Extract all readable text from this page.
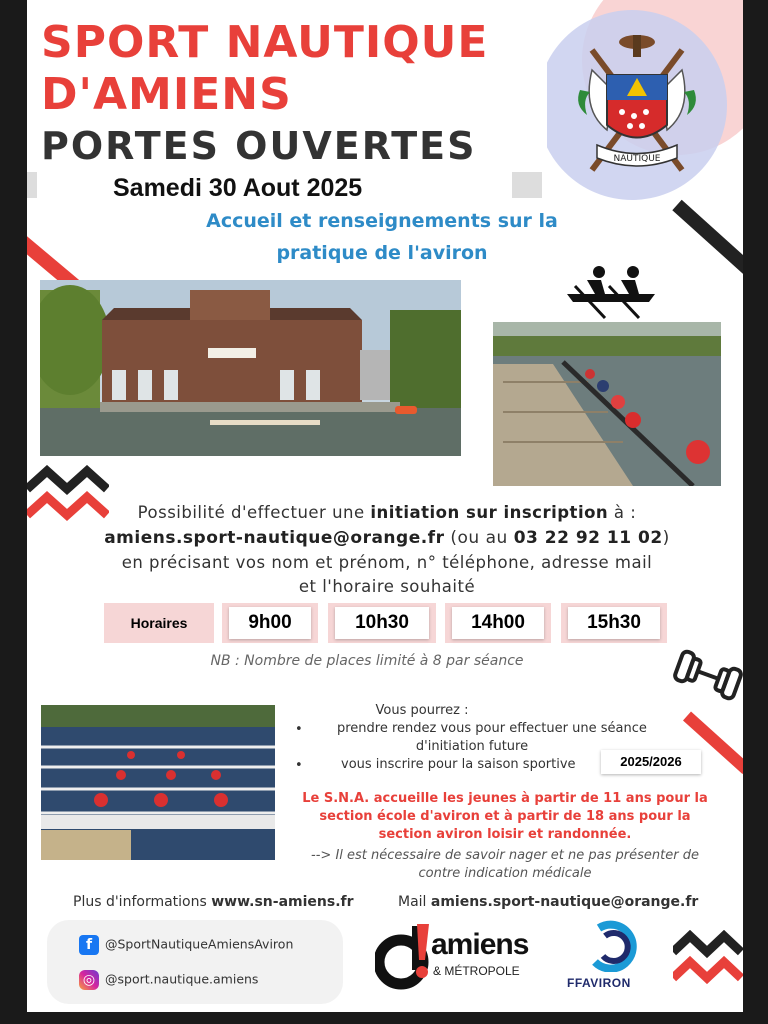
NAUTIQUE
SPORT NAUTIQUE
D'AMIENS
PORTES OUVERTES
Samedi 30 Aout 2025
Accueil et renseignements sur la
pratique de l'aviron
Possibilité d'effectuer une initiation sur inscription à :
amiens.sport-nautique@orange.fr (ou au 03 22 92 11 02)
en précisant vos nom et prénom, n° téléphone, adresse mail
et l'horaire souhaité
Horaires	9h00	10h30	14h00	15h30
NB : Nombre de places limité à 8 par séance
Vous pourrez :
•	prendre rendez vous pour effectuer une séance
d'initiation future
•	vous inscrire pour la saison sportive	2025/2026
Le S.N.A. accueille les jeunes à partir de 11 ans pour la
section école d'aviron et à partir de 18 ans pour la
section aviron loisir et randonnée.
--> Il est nécessaire de savoir nager et ne pas présenter de
contre indication médicale
Plus d'informations www.sn-amiens.fr	Mail amiens.sport-nautique@orange.fr
f @SportNautiqueAmiensAviron
◎ @sport.nautique.amiens
amiens
& MÉTROPOLE
FFAVIRON
